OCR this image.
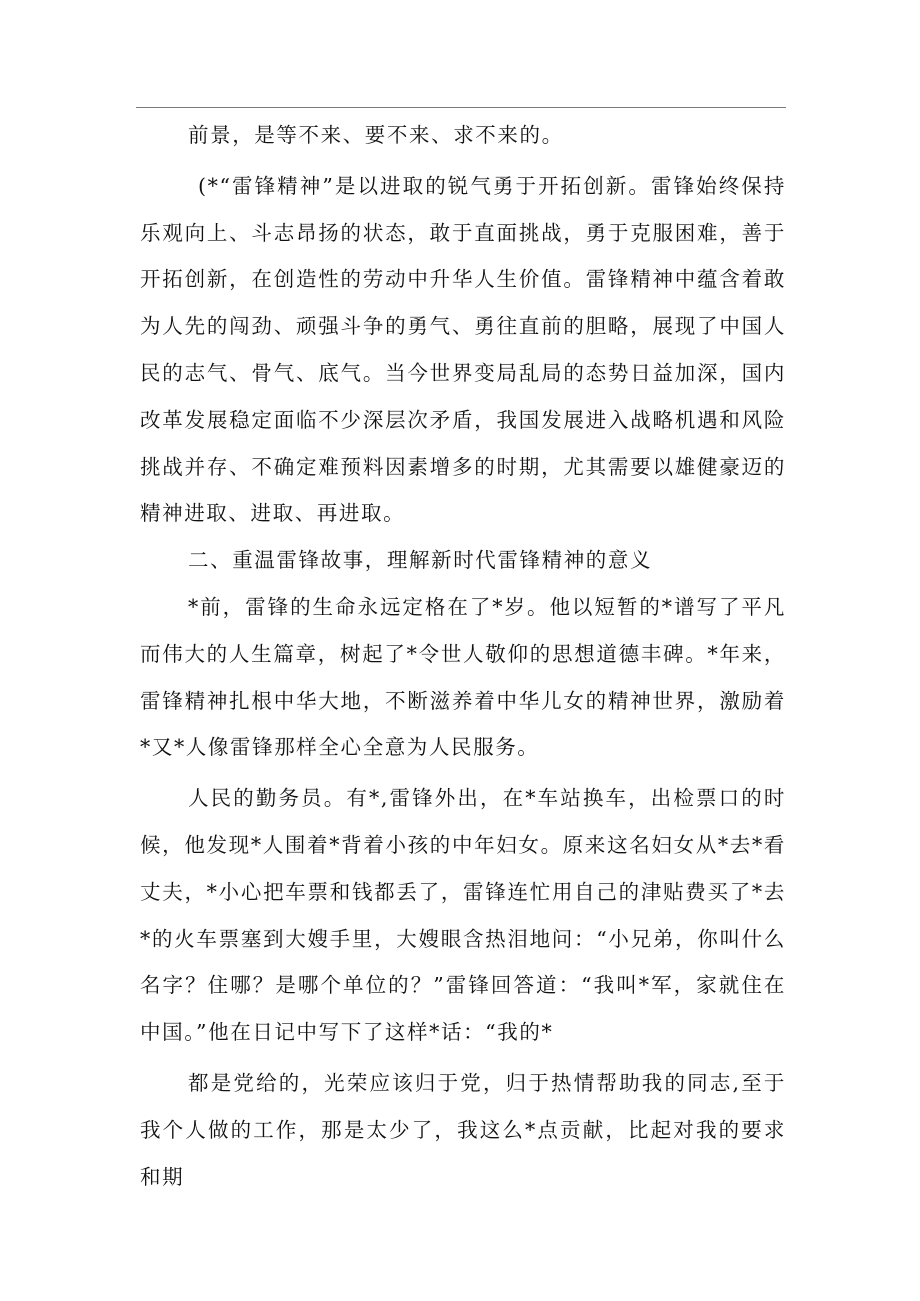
前景，是等不来、要不来、求不来的。

(*“雷锋精神”是以进取的锐气勇于开拓创新。雷锋始终保持乐观向上、斗志昂扬的状态，敢于直面挑战，勇于克服困难，善于开拓创新，在创造性的劳动中升华人生价值。雷锋精神中蕴含着敢为人先的闯劲、顽强斗争的勇气、勇往直前的胆略，展现了中国人民的志气、骨气、底气。当今世界变局乱局的态势日益加深，国内改革发展稳定面临不少深层次矛盾，我国发展进入战略机遇和风险挑战并存、不确定难预料因素增多的时期，尤其需要以雄健豪迈的精神进取、进取、再进取。

二、重温雷锋故事，理解新时代雷锋精神的意义

*前，雷锋的生命永远定格在了*岁。他以短暂的*谱写了平凡而伟大的人生篇章，树起了*令世人敬仰的思想道德丰碑。*年来，雷锋精神扎根中华大地，不断滋养着中华儿女的精神世界，激励着*又*人像雷锋那样全心全意为人民服务。

人民的勤务员。有*,雷锋外出，在*车站换车，出检票口的时候，他发现*人围着*背着小孩的中年妇女。原来这名妇女从*去*看丈夫，*小心把车票和钱都丢了，雷锋连忙用自己的津贴费买了*去*的火车票塞到大嫂手里，大嫂眼含热泪地问：“小兄弟，你叫什么名字？住哪？是哪个单位的？”雷锋回答道：“我叫*军，家就住在中国。”他在日记中写下了这样*话：“我的*

都是党给的，光荣应该归于党，归于热情帮助我的同志,至于我个人做的工作，那是太少了，我这么*点贡献，比起对我的要求和期
